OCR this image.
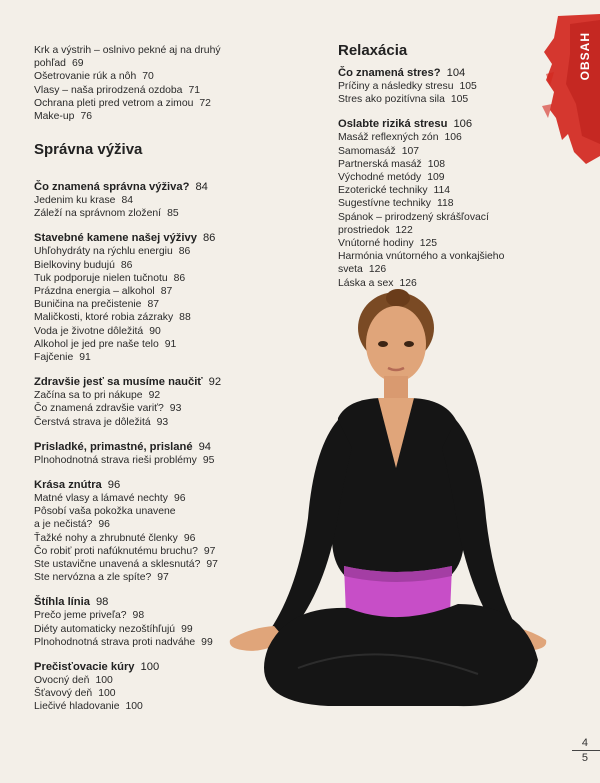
Krk a výstrih – oslnivo pekné aj na druhý
pohľad 69
Ošetrovanie rúk a nôh 70
Vlasy – naša prirodzená ozdoba 71
Ochrana pleti pred vetrom a zimou 72
Make-up 76
Správna výživa
Čo znamená správna výživa? 84
Jedenim ku krase 84
Záleží na správnom zložení 85
Stavebné kamene našej výživy 86
Uhľohydráty na rýchlu energiu 86
Bielkoviny budujú 86
Tuk podporuje nielen tučnotu 86
Prázdna energia – alkohol 87
Buničina na prečistenie 87
Maličkosti, ktoré robia zázraky 88
Voda je životne dôležitá 90
Alkohol je jed pre naše telo 91
Fajčenie 91
Zdravšie jesť sa musíme naučiť 92
Začína sa to pri nákupe 92
Čo znamená zdravšie variť? 93
Čerstvá strava je dôležitá 93
Prisladké, primastné, prislané 94
Plnohodnotná strava rieši problémy 95
Krása znútra 96
Matné vlasy a lámavé nechty 96
Pôsobí vaša pokožka unavene
a je nečistá? 96
Ťažké nohy a zhrubnuté členky 96
Čo robiť proti nafúknutému bruchu? 97
Ste ustavične unavená a sklesnutá? 97
Ste nervózna a zle spíte? 97
Štíhla línia 98
Prečo jeme priveľa? 98
Diéty automaticky nezoštíhľujú 99
Plnohodnotná strava proti nadváhe 99
Prečisťovacie kúry 100
Ovocný deň 100
Šťavový deň 100
Liečivé hladovanie 100
Relaxácia
Čo znamená stres? 104
Príčiny a následky stresu 105
Stres ako pozitívna sila 105
Oslabte riziká stresu 106
Masáž reflexných zón 106
Samomasáž 107
Partnerská masáž 108
Východné metódy 109
Ezoterické techniky 114
Sugestívne techniky 118
Spánok – prirodzený skrášľovací
prostriedok 122
Vnútorné hodiny 125
Harmónia vnútorného a vonkajšieho
sveta 126
Láska a sex 126
OBSAH
4
5
